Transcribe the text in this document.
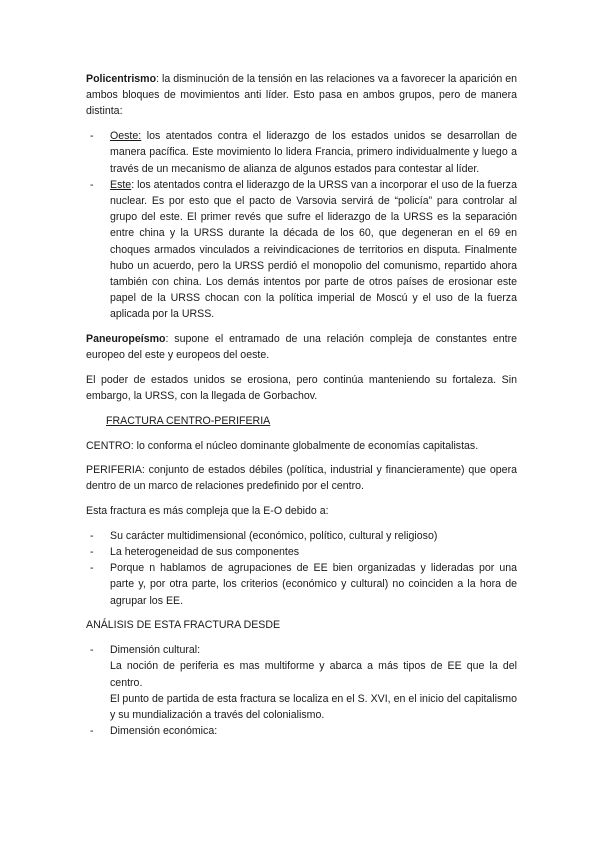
Policentrismo: la disminución de la tensión en las relaciones va a favorecer la aparición en ambos bloques de movimientos anti líder. Esto pasa en ambos grupos, pero de manera distinta:

- Oeste: los atentados contra el liderazgo de los estados unidos se desarrollan de manera pacífica. Este movimiento lo lidera Francia, primero individualmente y luego a través de un mecanismo de alianza de algunos estados para contestar al líder.
- Este: los atentados contra el liderazgo de la URSS van a incorporar el uso de la fuerza nuclear. Es por esto que el pacto de Varsovia servirá de “policía” para controlar al grupo del este. El primer revés que sufre el liderazgo de la URSS es la separación entre china y la URSS durante la década de los 60, que degeneran en el 69 en choques armados vinculados a reivindicaciones de territorios en disputa. Finalmente hubo un acuerdo, pero la URSS perdió el monopolio del comunismo, repartido ahora también con china. Los demás intentos por parte de otros países de erosionar este papel de la URSS chocan con la política imperial de Moscú y el uso de la fuerza aplicada por la URSS.

Paneuropeísmo: supone el entramado de una relación compleja de constantes entre europeo del este y europeos del oeste.

El poder de estados unidos se erosiona, pero continúa manteniendo su fortaleza. Sin embargo, la URSS, con la llegada de Gorbachov.

FRACTURA CENTRO-PERIFERIA

CENTRO: lo conforma el núcleo dominante globalmente de economías capitalistas.

PERIFERIA: conjunto de estados débiles (política, industrial y financieramente) que opera dentro de un marco de relaciones predefinido por el centro.

Esta fractura es más compleja que la E-O debido a:

- Su carácter multidimensional (económico, político, cultural y religioso)
- La heterogeneidad de sus componentes
- Porque n hablamos de agrupaciones de EE bien organizadas y lideradas por una parte y, por otra parte, los criterios (económico y cultural) no coinciden a la hora de agrupar los EE.

ANÁLISIS DE ESTA FRACTURA DESDE

- Dimensión cultural:

La noción de periferia es mas multiforme y abarca a más tipos de EE que la del centro.

El punto de partida de esta fractura se localiza en el S. XVI, en el inicio del capitalismo y su mundialización a través del colonialismo.

- Dimensión económica:
